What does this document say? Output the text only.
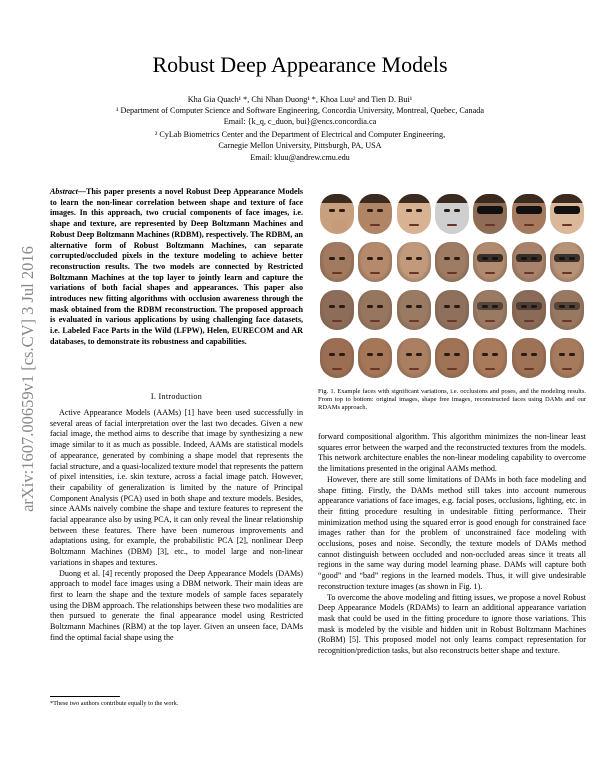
Robust Deep Appearance Models
Kha Gia Quach¹ *, Chi Nhan Duong¹ *, Khoa Luu² and Tien D. Bui¹
¹ Department of Computer Science and Software Engineering, Concordia University, Montreal, Quebec, Canada
Email: {k_q, c_duon, bui}@encs.concordia.ca
² CyLab Biometrics Center and the Department of Electrical and Computer Engineering,
Carnegie Mellon University, Pittsburgh, PA, USA
Email: kluu@andrew.cmu.edu
arXiv:1607.00659v1 [cs.CV] 3 Jul 2016
Abstract—This paper presents a novel Robust Deep Appearance Models to learn the non-linear correlation between shape and texture of face images. In this approach, two crucial components of face images, i.e. shape and texture, are represented by Deep Boltzmann Machines and Robust Deep Boltzmann Machines (RDBM), respectively. The RDBM, an alternative form of Robust Boltzmann Machines, can separate corrupted/occluded pixels in the texture modeling to achieve better reconstruction results. The two models are connected by Restricted Boltzmann Machines at the top layer to jointly learn and capture the variations of both facial shapes and appearances. This paper also introduces new fitting algorithms with occlusion awareness through the mask obtained from the RDBM reconstruction. The proposed approach is evaluated in various applications by using challenging face datasets, i.e. Labeled Face Parts in the Wild (LFPW), Helen, EURECOM and AR databases, to demonstrate its robustness and capabilities.
I. Introduction

Active Appearance Models (AAMs) [1] have been used successfully in several areas of facial interpretation over the last two decades. Given a new facial image, the method aims to describe that image by synthesizing a new image similar to it as much as possible. Indeed, AAMs are statistical models of appearance, generated by combining a shape model that represents the facial structure, and a quasi-localized texture model that represents the pattern of pixel intensities, i.e. skin texture, across a facial image patch. However, their capability of generalization is limited by the nature of Principal Component Analysis (PCA) used in both shape and texture models. Besides, since AAMs naively combine the shape and texture features to represent the facial appearance also by using PCA, it can only reveal the linear relationship between these features. There have been numerous improvements and adaptations using, for example, the probabilistic PCA [2], nonlinear Deep Boltzmann Machines (DBM) [3], etc., to model large and non-linear variations in shapes and textures.

Duong et al. [4] recently proposed the Deep Appearance Models (DAMs) approach to model face images using a DBM network. Their main ideas are first to learn the shape and the texture models of sample faces separately using the DBM approach. The relationships between these two modalities are then pursued to generate the final appearance model using Restricted Boltzmann Machines (RBM) at the top layer. Given an unseen face, DAMs find the optimal facial shape using the

*These two authors contribute equally to the work.
Fig. 1. Example faces with significant variations, i.e. occlusions and poses, and the modeling results. From top to bottom: original images, shape free images, reconstructed faces using DAMs and our RDAMs approach.

forward compositional algorithm. This algorithm minimizes the non-linear least squares error between the warped and the reconstructed textures from the models. This network architecture enables the non-linear modeling capability to overcome the limitations presented in the original AAMs method.

However, there are still some limitations of DAMs in both face modeling and shape fitting. Firstly, the DAMs method still takes into account numerous appearance variations of face images, e.g. facial poses, occlusions, lighting, etc. in their fitting procedure resulting in undesirable fitting performance. Their minimization method using the squared error is good enough for constrained face images rather than for the problem of unconstrained face modeling with occlusions, poses and noise. Secondly, the texture models of DAMs method cannot distinguish between occluded and non-occluded areas since it treats all regions in the same way during model learning phase. DAMs will capture both “good” and “bad” regions in the learned models. Thus, it will give undesirable reconstruction texture images (as shown in Fig. 1).

To overcome the above modeling and fitting issues, we propose a novel Robust Deep Appearance Models (RDAMs) to learn an additional appearance variation mask that could be used in the fitting procedure to ignore those variations. This mask is modeled by the visible and hidden unit in Robust Boltzmann Machines (RoBM) [5]. This proposed model not only learns compact representation for recognition/prediction tasks, but also reconstructs better shape and texture.
